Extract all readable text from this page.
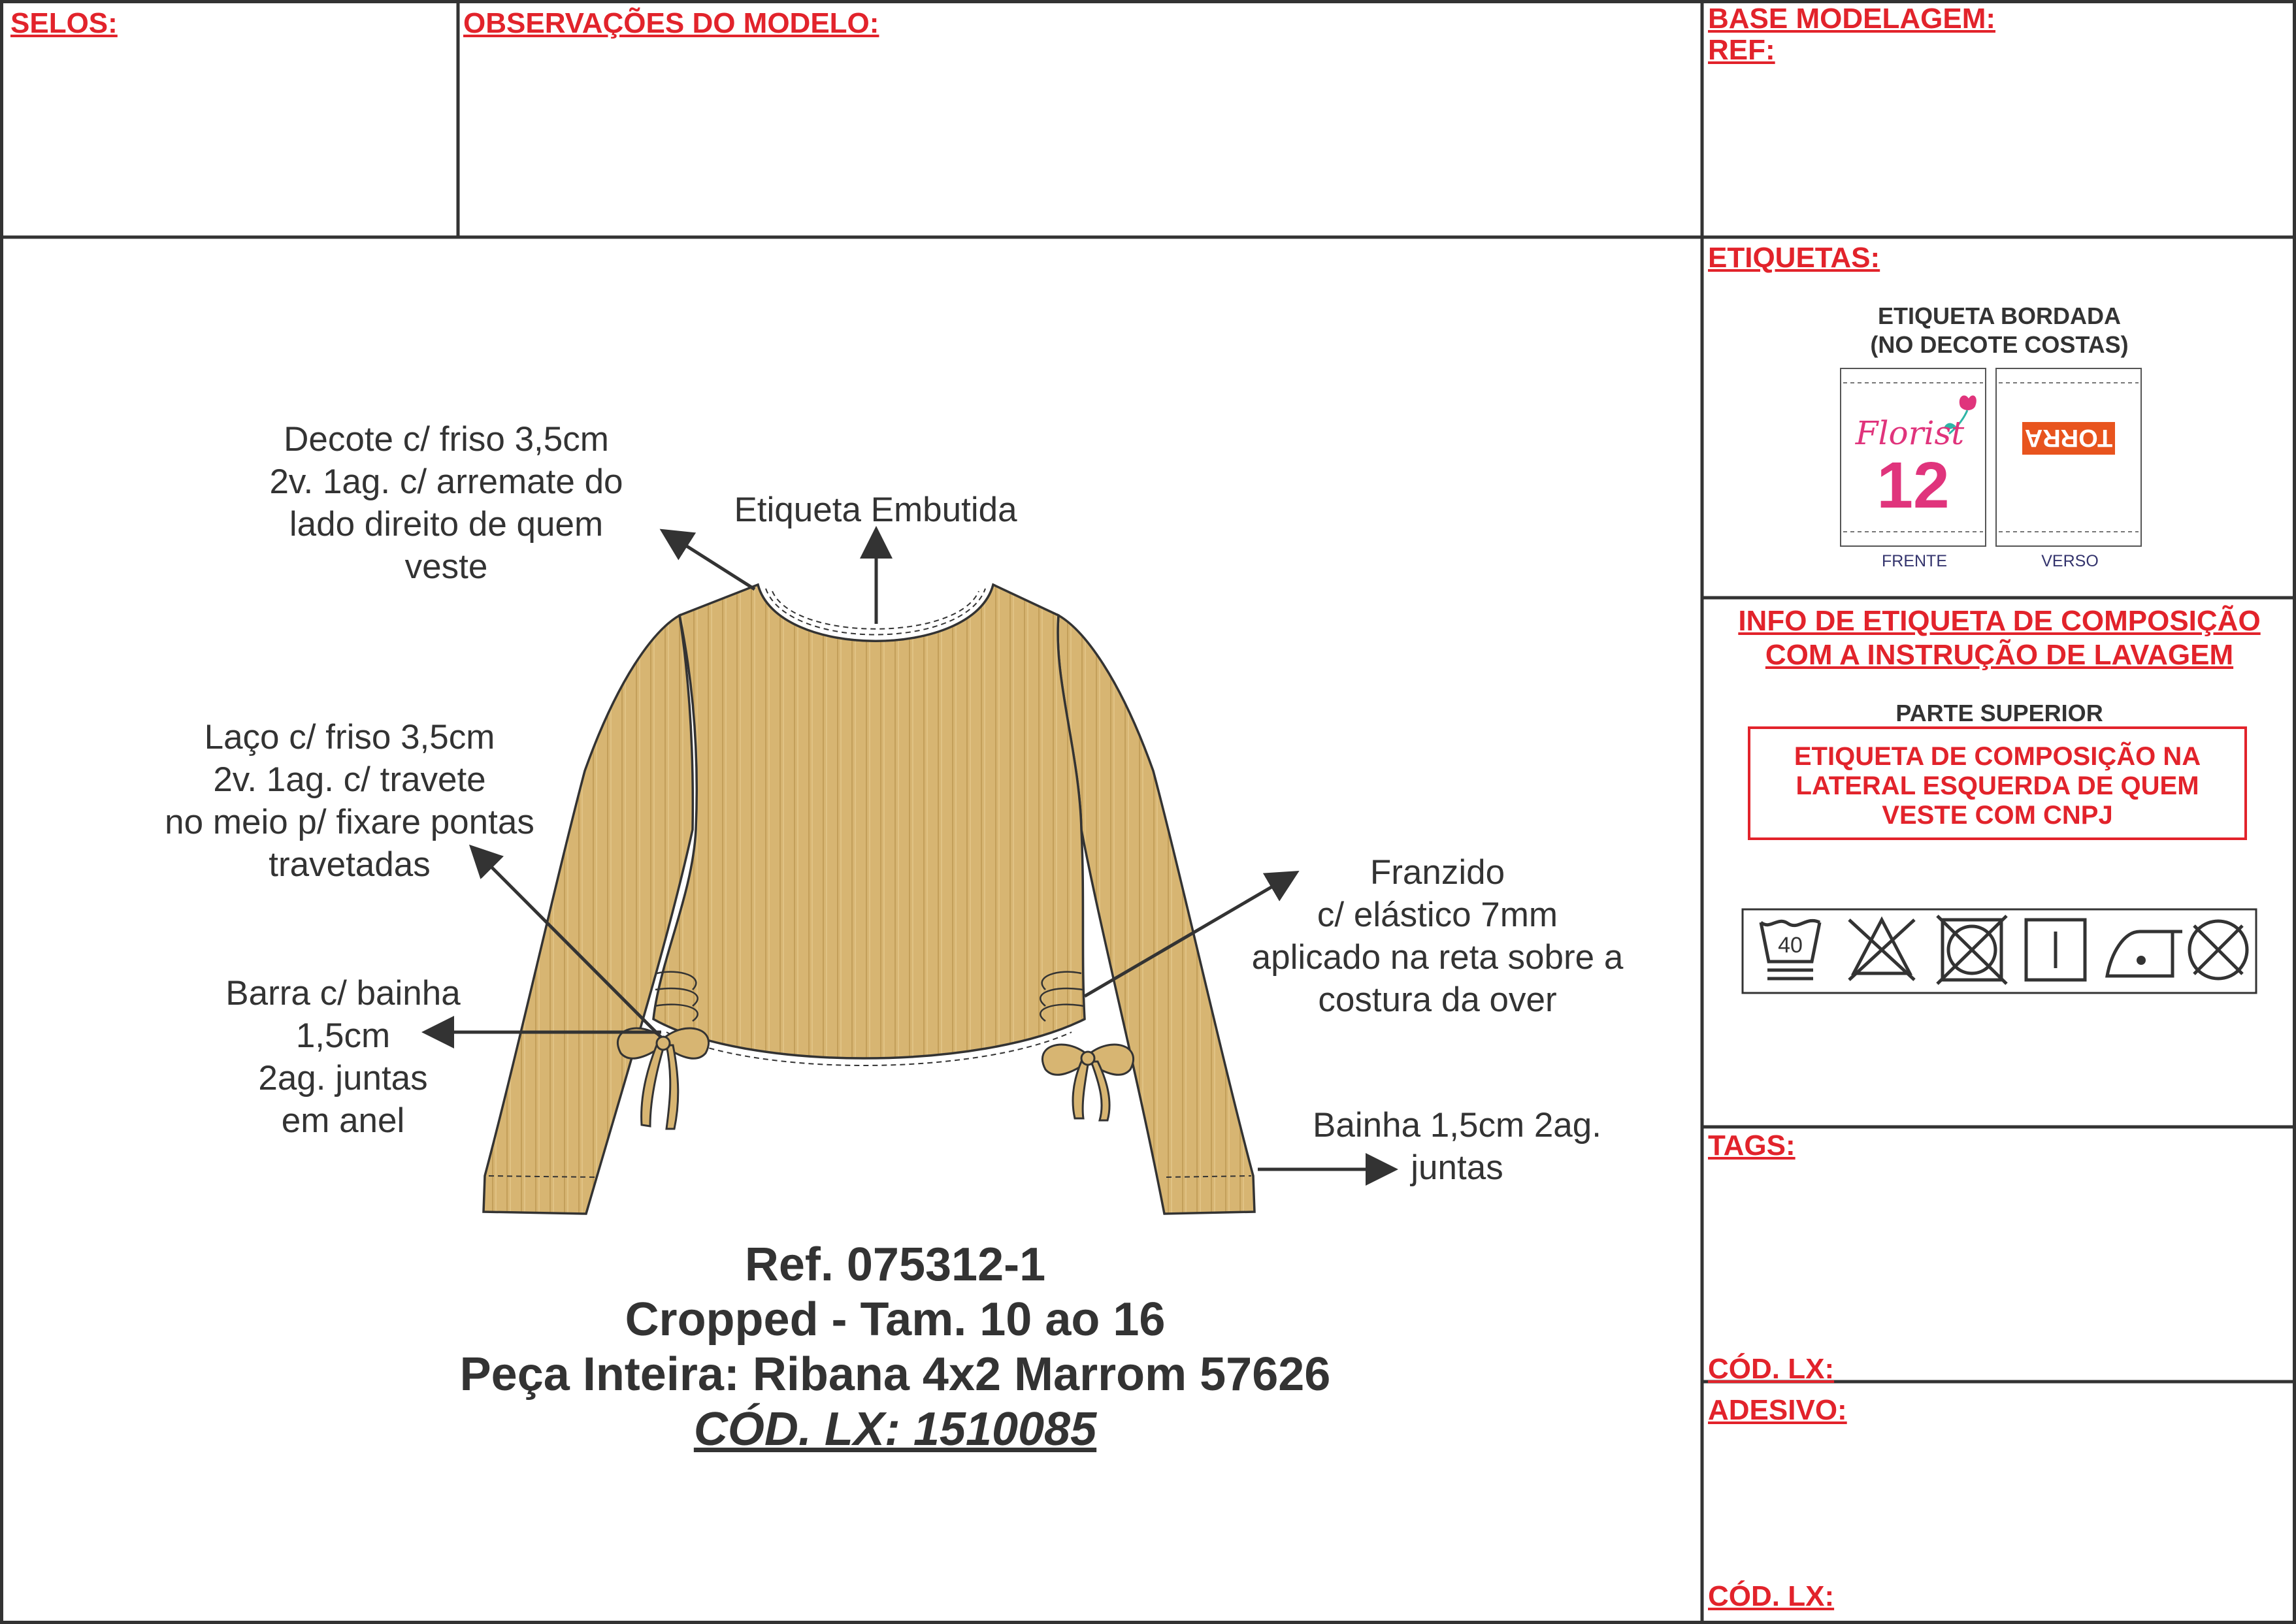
SELOS:	OBSERVAÇÕES DO MODELO:	BASE MODELAGEM:
REF:
Decote c/ friso 3,5cm
2v. 1ag. c/ arremate do
lado direito de quem
veste
Etiqueta Embutida
Laço c/ friso 3,5cm
2v. 1ag. c/ travete
no meio p/ fixare pontas
travetadas	Franzido
c/ elástico 7mm
aplicado na reta sobre a
costura da over
Barra c/ bainha
1,5cm
2ag. juntas
em anel	Bainha 1,5cm 2ag.
juntas
Ref. 075312-1
Cropped - Tam. 10 ao 16
Peça Inteira: Ribana 4x2 Marrom 57626
CÓD. LX: 1510085
ETIQUETAS:
ETIQUETA BORDADA
(NO DECOTE COSTAS)
Florist
12
FRENTE
TORRA
VERSO
INFO DE ETIQUETA DE COMPOSIÇÃO
COM A INSTRUÇÃO DE LAVAGEM
PARTE SUPERIOR
ETIQUETA DE COMPOSIÇÃO NA
LATERAL ESQUERDA DE QUEM
VESTE COM CNPJ
40
TAGS:
CÓD. LX:
ADESIVO:
CÓD. LX:
